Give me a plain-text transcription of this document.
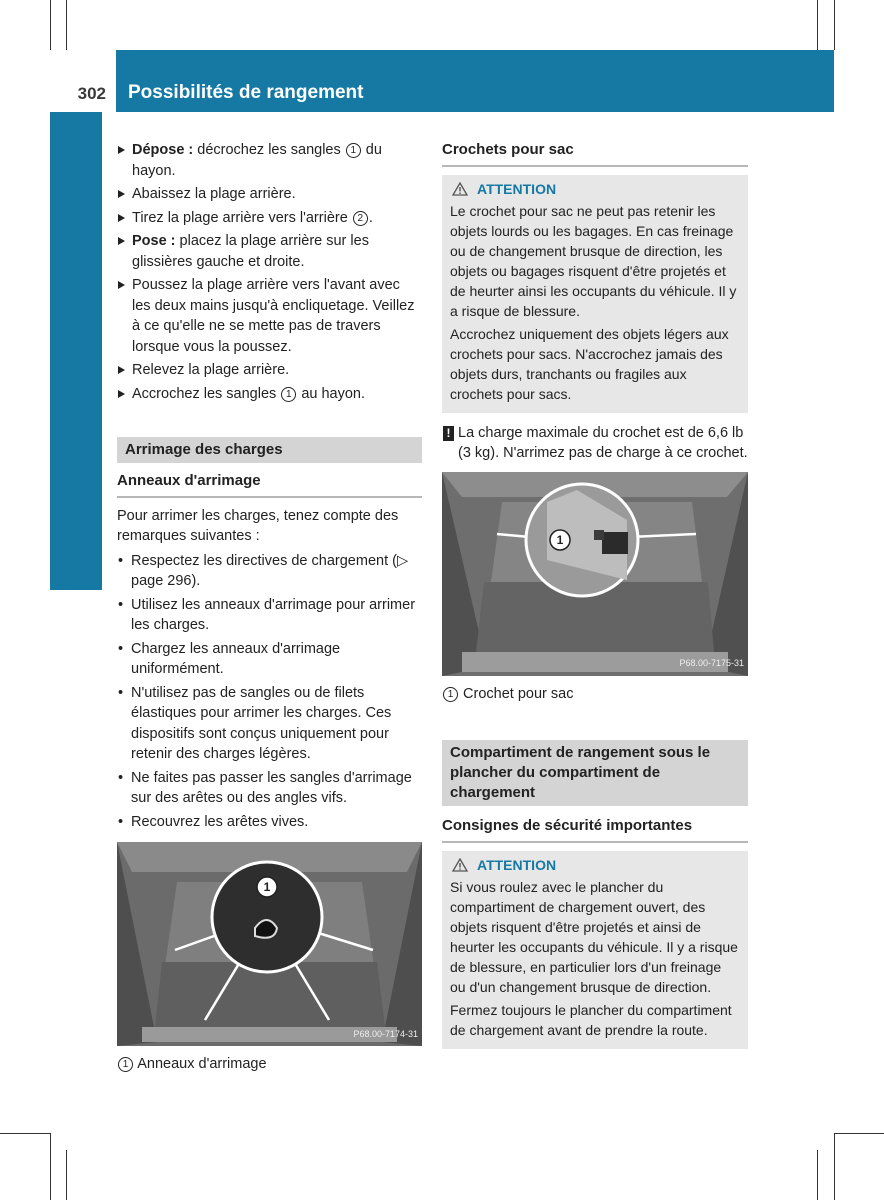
302 Possibilités de rangement
Rangement et autres
Dépose : décrochez les sangles 1 du hayon.
Abaissez la plage arrière.
Tirez la plage arrière vers l'arrière 2 .
Pose : placez la plage arrière sur les glissières gauche et droite.
Poussez la plage arrière vers l'avant avec les deux mains jusqu'à encliquetage. Veillez à ce qu'elle ne se mette pas de travers lorsque vous la poussez.
Relevez la plage arrière.
Accrochez les sangles 1 au hayon.
Arrimage des charges
Anneaux d'arrimage
Pour arrimer les charges, tenez compte des remarques suivantes :
• Respectez les directives de chargement (▷ page 296).
• Utilisez les anneaux d'arrimage pour arrimer les charges.
• Chargez les anneaux d'arrimage uniformément.
• N'utilisez pas de sangles ou de filets élastiques pour arrimer les charges. Ces dispositifs sont conçus uniquement pour retenir des charges légères.
• Ne faites pas passer les sangles d'arrimage sur des arêtes ou des angles vifs.
• Recouvrez les arêtes vives.
1
P68.00-7174-31
1 Anneaux d'arrimage
Crochets pour sac
ATTENTION

Le crochet pour sac ne peut pas retenir les objets lourds ou les bagages. En cas freinage ou de changement brusque de direction, les objets ou bagages risquent d'être projetés et de heurter ainsi les occupants du véhicule. Il y a risque de blessure.

Accrochez uniquement des objets légers aux crochets pour sacs. N'accrochez jamais des objets durs, tranchants ou fragiles aux crochets pour sacs.

! La charge maximale du crochet est de 6,6 lb (3 kg). N'arrimez pas de charge à ce crochet.
1
P68.00-7175-31
1 Crochet pour sac
Compartiment de rangement sous le plancher du compartiment de chargement
Consignes de sécurité importantes
ATTENTION

Si vous roulez avec le plancher du compartiment de chargement ouvert, des objets risquent d'être projetés et ainsi de heurter les occupants du véhicule. Il y a risque de blessure, en particulier lors d'un freinage ou d'un changement brusque de direction.

Fermez toujours le plancher du compartiment de chargement avant de prendre la route.
